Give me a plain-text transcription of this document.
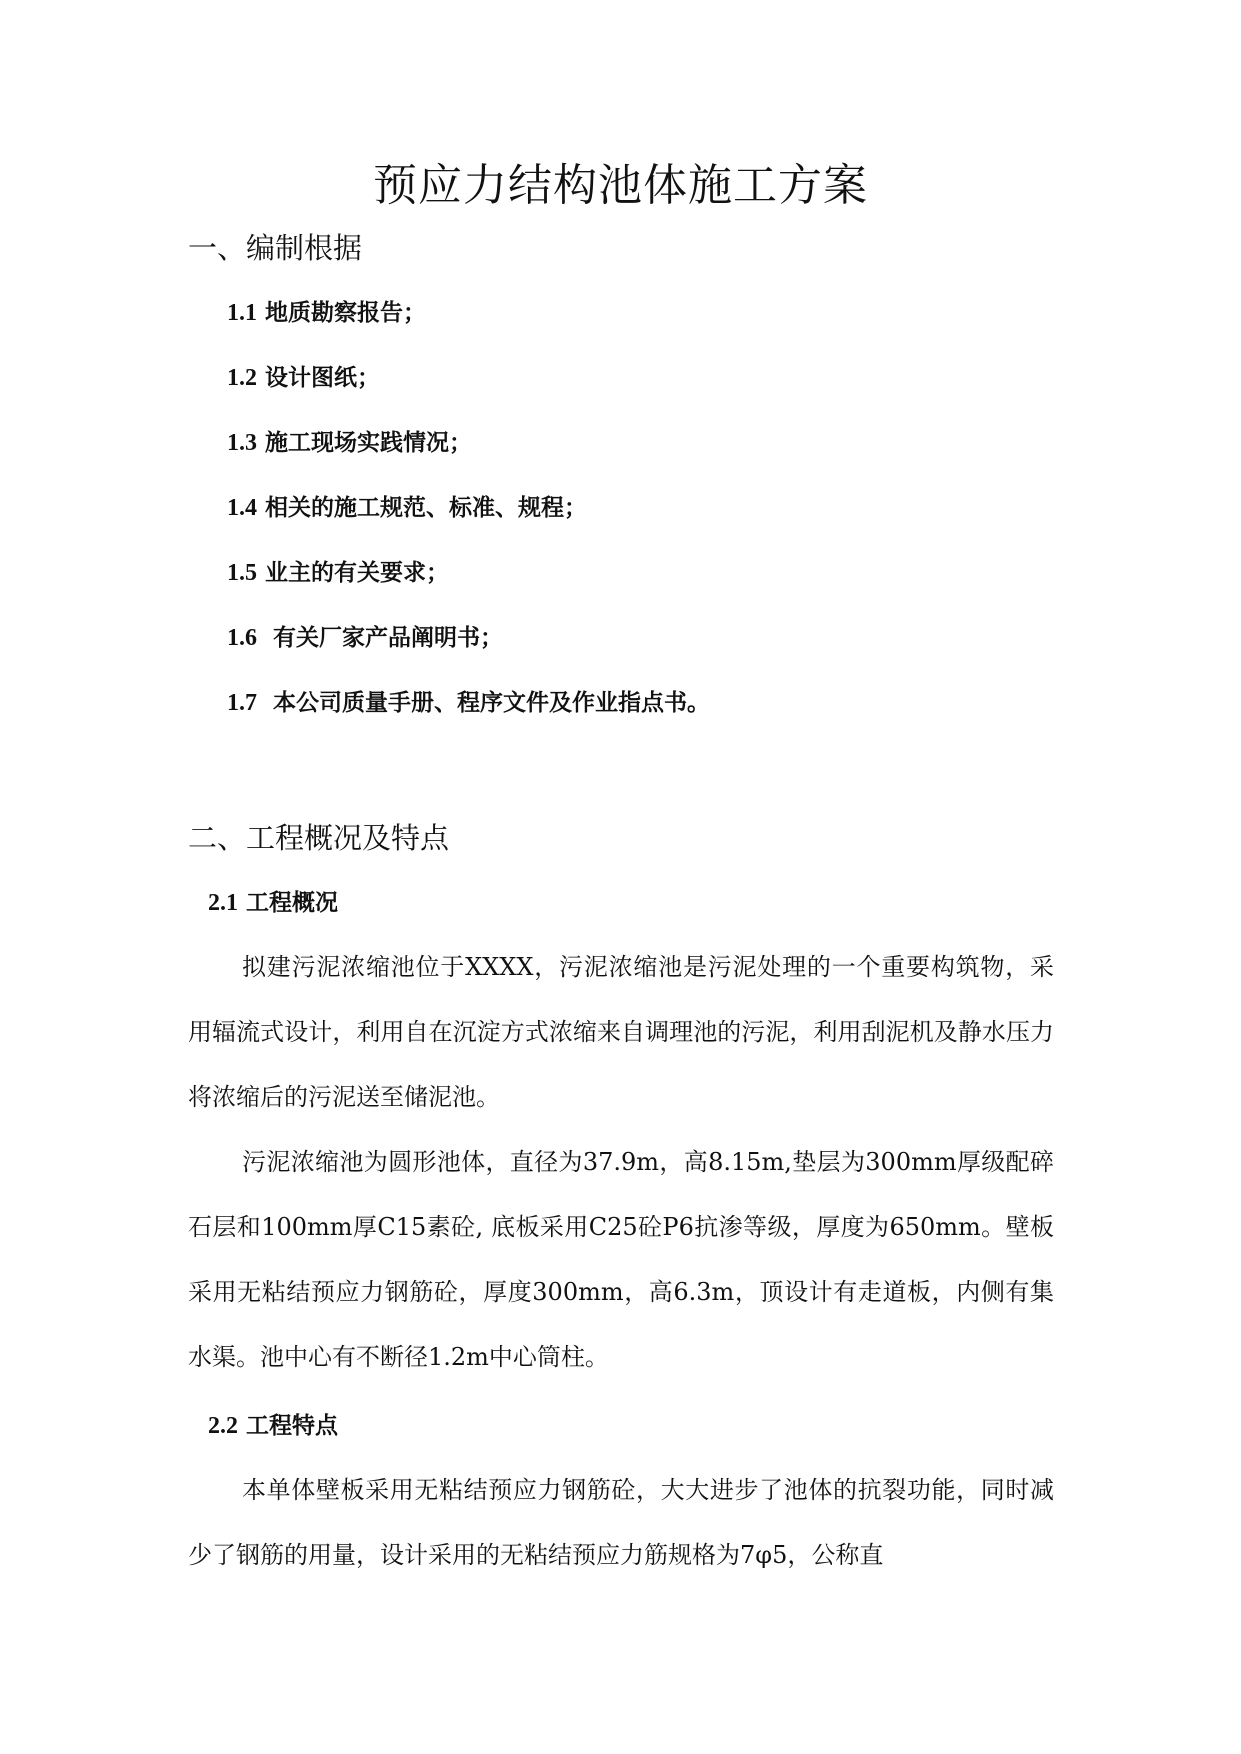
预应力结构池体施工方案
一、编制根据

1.1 地质勘察报告；

1.2 设计图纸；

1.3 施工现场实践情况；

1.4 相关的施工规范、标准、规程；

1.5 业主的有关要求；

1.6  有关厂家产品阐明书；

1.7  本公司质量手册、程序文件及作业指点书。

二、工程概况及特点
2.1 工程概况

拟建污泥浓缩池位于XXXX，污泥浓缩池是污泥处理的一个重要构筑物，采用辐流式设计，利用自在沉淀方式浓缩来自调理池的污泥，利用刮泥机及静水压力将浓缩后的污泥送至储泥池。

污泥浓缩池为圆形池体，直径为37.9m，高8.15m,垫层为300mm厚级配碎石层和100mm厚C15素砼, 底板采用C25砼P6抗渗等级，厚度为650mm。壁板采用无粘结预应力钢筋砼，厚度300mm，高6.3m，顶设计有走道板，内侧有集水渠。池中心有不断径1.2m中心筒柱。

2.2 工程特点

本单体壁板采用无粘结预应力钢筋砼，大大进步了池体的抗裂功能，同时减少了钢筋的用量，设计采用的无粘结预应力筋规格为7φ5，公称直
